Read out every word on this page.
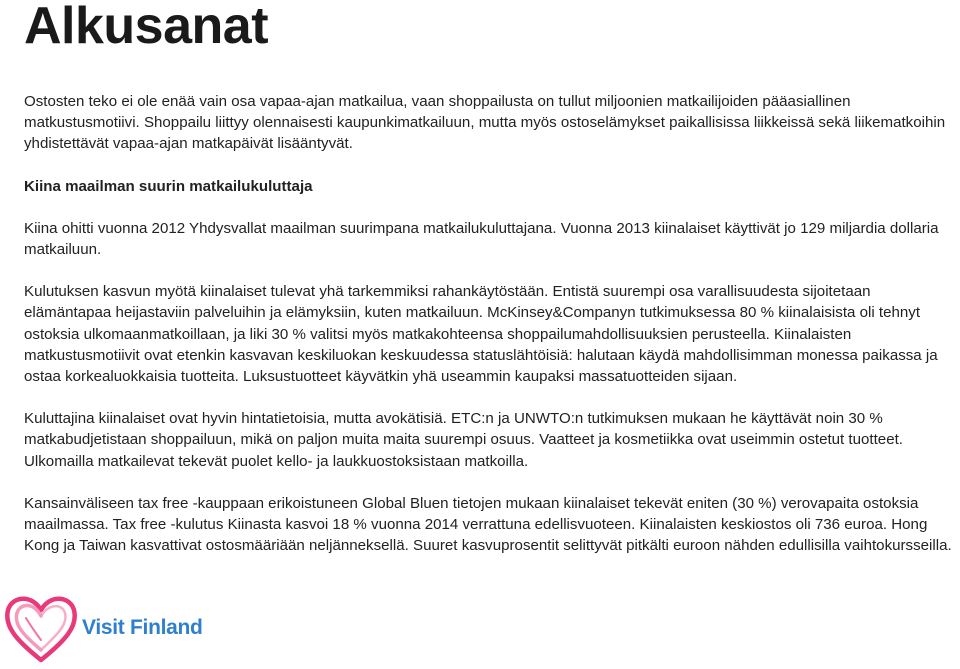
Alkusanat

Ostosten teko ei ole enää vain osa vapaa-ajan matkailua, vaan shoppailusta on tullut miljoonien matkailijoiden pääasiallinen matkustusmotiivi. Shoppailu liittyy olennaisesti kaupunkimatkailuun, mutta myös ostoselämykset paikallisissa liikkeissä sekä liikematkoihin yhdistettävät vapaa-ajan matkapäivät lisääntyvät.

Kiina maailman suurin matkailukuluttaja

Kiina ohitti vuonna 2012 Yhdysvallat maailman suurimpana matkailukuluttajana. Vuonna 2013 kiinalaiset käyttivät jo 129 miljardia dollaria matkailuun.

Kulutuksen kasvun myötä kiinalaiset tulevat yhä tarkemmiksi rahankäytöstään. Entistä suurempi osa varallisuudesta sijoitetaan elämäntapaa heijastaviin palveluihin ja elämyksiin, kuten matkailuun. McKinsey&Companyn tutkimuksessa 80 % kiinalaisista oli tehnyt ostoksia ulkomaanmatkoillaan, ja liki 30 % valitsi myös matkakohteensa shoppailumahdollisuuksien perusteella. Kiinalaisten matkustusmotiivit ovat etenkin kasvavan keskiluokan keskuudessa statuslähtöisiä: halutaan käydä mahdollisimman monessa paikassa ja ostaa korkealuokkaisia tuotteita. Luksustuotteet käyvätkin yhä useammin kaupaksi massatuotteiden sijaan.

Kuluttajina kiinalaiset ovat hyvin hintatietoisia, mutta avokätisiä. ETC:n ja UNWTO:n tutkimuksen mukaan he käyttävät noin 30 % matkabudjetistaan shoppailuun, mikä on paljon muita maita suurempi osuus. Vaatteet ja kosmetiikka ovat useimmin ostetut tuotteet. Ulkomailla matkailevat tekevät puolet kello- ja laukkuostoksistaan matkoilla.

Kansainväliseen tax free -kauppaan erikoistuneen Global Bluen tietojen mukaan kiinalaiset tekevät eniten (30 %) verovapaita ostoksia maailmassa. Tax free -kulutus Kiinasta kasvoi 18 % vuonna 2014 verrattuna edellisvuoteen. Kiinalaisten keskiostos oli 736 euroa. Hong Kong ja Taiwan kasvattivat ostosmääriään neljänneksellä. Suuret kasvuprosentit selittyvät pitkälti euroon nähden edullisilla vaihtokursseilla.

Visit Finland
